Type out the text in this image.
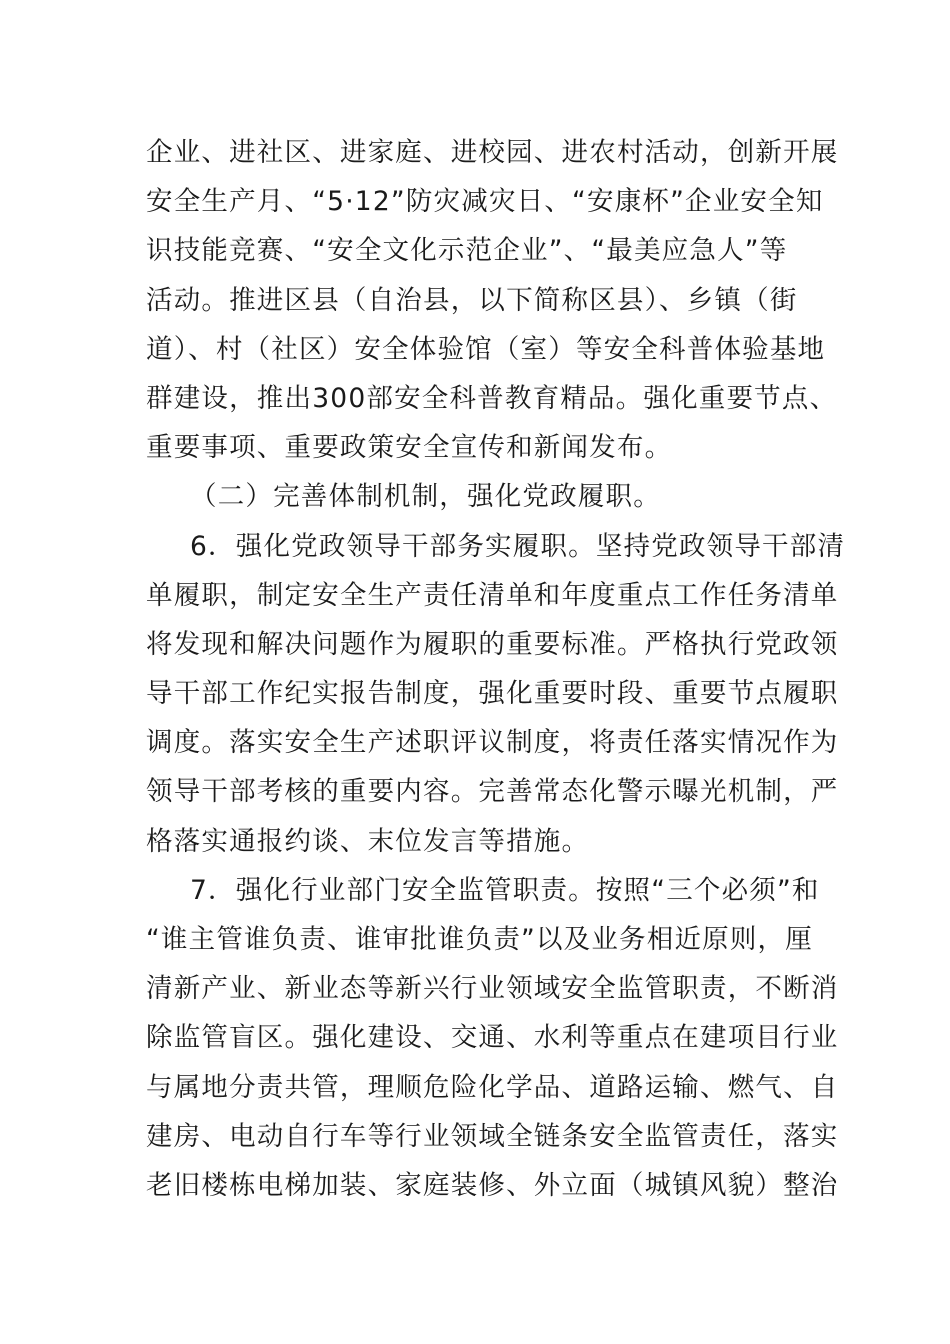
企业、进社区、进家庭、进校园、进农村活动，创新开展
安全生产月、“5·12”防灾减灾日、“安康杯”企业安全知
识技能竞赛、“安全文化示范企业”、“最美应急人”等
活动。推进区县（自治县，以下简称区县）、乡镇（街
道）、村（社区）安全体验馆（室）等安全科普体验基地
群建设，推出300部安全科普教育精品。强化重要节点、
重要事项、重要政策安全宣传和新闻发布。
（二）完善体制机制，强化党政履职。
6．强化党政领导干部务实履职。坚持党政领导干部清
单履职，制定安全生产责任清单和年度重点工作任务清单
将发现和解决问题作为履职的重要标准。严格执行党政领
导干部工作纪实报告制度，强化重要时段、重要节点履职
调度。落实安全生产述职评议制度，将责任落实情况作为
领导干部考核的重要内容。完善常态化警示曝光机制，严
格落实通报约谈、末位发言等措施。
7．强化行业部门安全监管职责。按照“三个必须”和
“谁主管谁负责、谁审批谁负责”以及业务相近原则，厘
清新产业、新业态等新兴行业领域安全监管职责，不断消
除监管盲区。强化建设、交通、水利等重点在建项目行业
与属地分责共管，理顺危险化学品、道路运输、燃气、自
建房、电动自行车等行业领域全链条安全监管责任，落实
老旧楼栋电梯加装、家庭装修、外立面（城镇风貌）整治
